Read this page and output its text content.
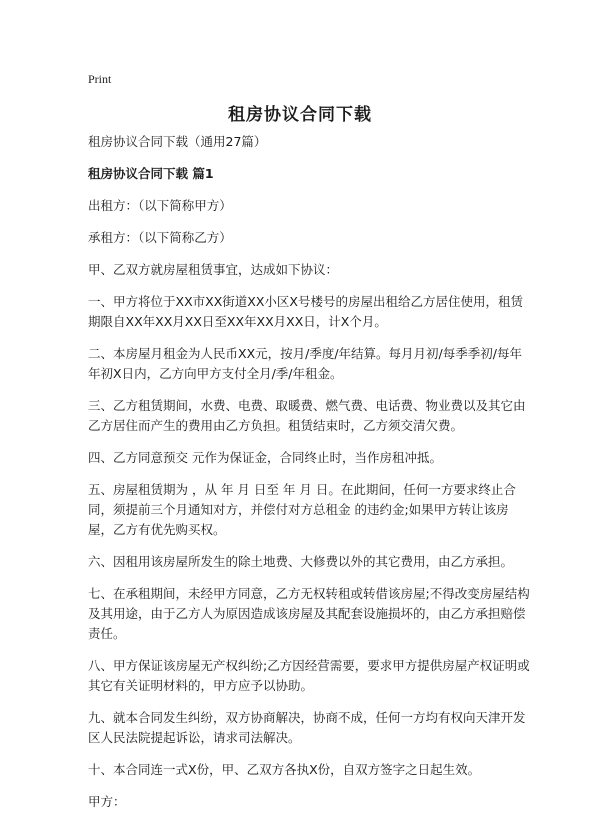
Print
租房协议合同下载

租房协议合同下载（通用27篇）

租房协议合同下载 篇1

出租方：（以下简称甲方）

承租方：（以下简称乙方）

甲、乙双方就房屋租赁事宜，达成如下协议：

一、甲方将位于XX市XX街道XX小区X号楼号的房屋出租给乙方居住使用，租赁期限自XX年XX月XX日至XX年XX月XX日，计X个月。

二、本房屋月租金为人民币XX元，按月/季度/年结算。每月月初/每季季初/每年年初X日内，乙方向甲方支付全月/季/年租金。

三、乙方租赁期间，水费、电费、取暖费、燃气费、电话费、物业费以及其它由乙方居住而产生的费用由乙方负担。租赁结束时，乙方须交清欠费。

四、乙方同意预交 元作为保证金，合同终止时，当作房租冲抵。

五、房屋租赁期为 ，从 年 月 日至 年 月 日。在此期间，任何一方要求终止合同，须提前三个月通知对方，并偿付对方总租金 的违约金;如果甲方转让该房屋，乙方有优先购买权。

六、因租用该房屋所发生的除土地费、大修费以外的其它费用，由乙方承担。

七、在承租期间，未经甲方同意，乙方无权转租或转借该房屋;不得改变房屋结构及其用途，由于乙方人为原因造成该房屋及其配套设施损坏的，由乙方承担赔偿责任。

八、甲方保证该房屋无产权纠纷;乙方因经营需要，要求甲方提供房屋产权证明或其它有关证明材料的，甲方应予以协助。

九、就本合同发生纠纷，双方协商解决，协商不成，任何一方均有权向天津开发区人民法院提起诉讼，请求司法解决。

十、本合同连一式X份，甲、乙双方各执X份，自双方签字之日起生效。

甲方：
